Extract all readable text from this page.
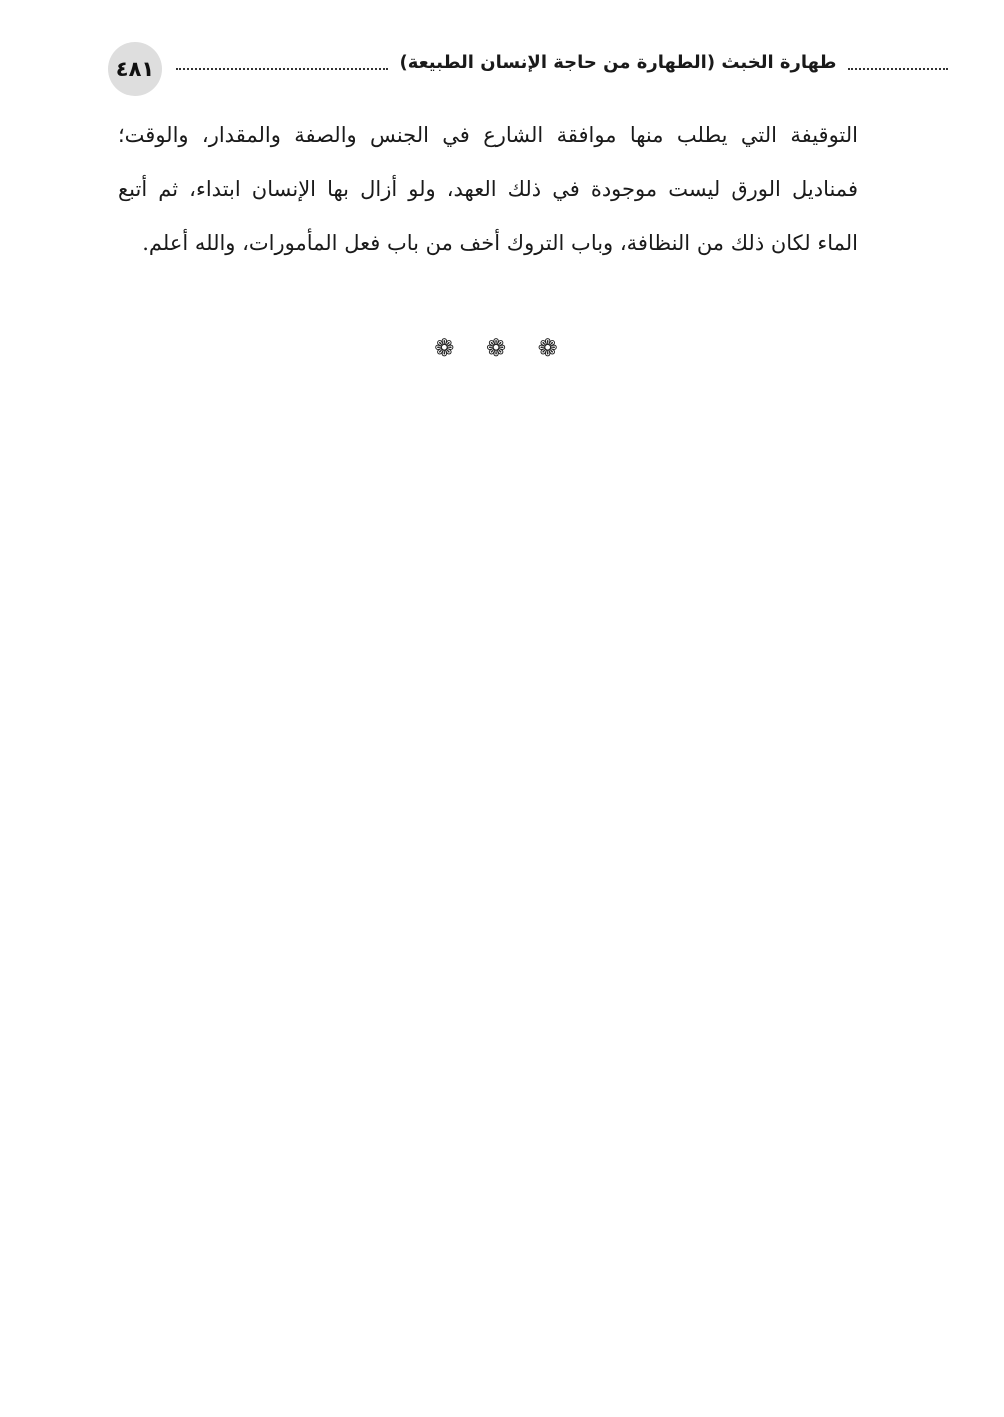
٤٨١	طهارة الخبث (الطهارة من حاجة الإنسان الطبيعة)
التوقيفة التي يطلب منها موافقة الشارع في الجنس والصفة والمقدار، والوقت؛
فمناديل الورق ليست موجودة في ذلك العهد، ولو أزال بها الإنسان ابتداء، ثم أتبع
الماء لكان ذلك من النظافة، وباب التروك أخف من باب فعل المأمورات، والله أعلم.
❁ ❁ ❁
